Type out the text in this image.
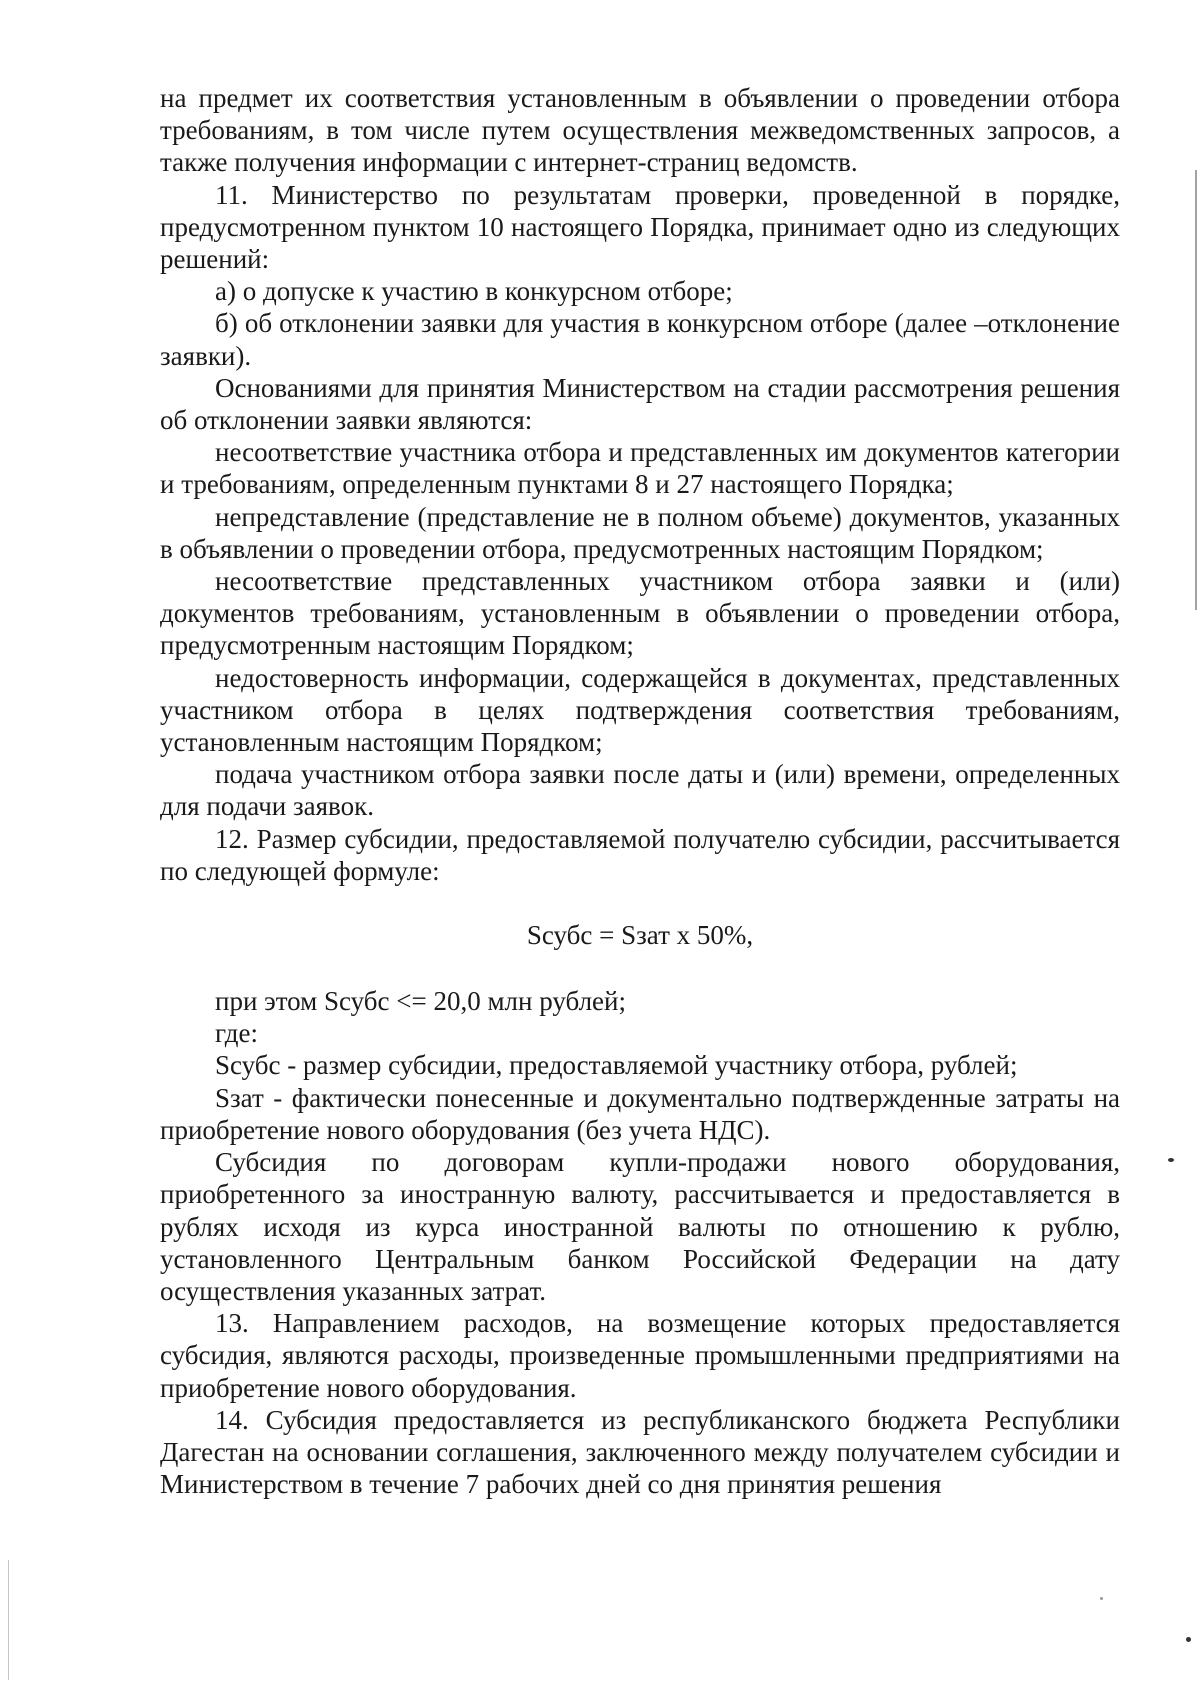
на предмет их соответствия установленным в объявлении о проведении отбора требованиям, в том числе путем осуществления межведомственных запросов, а также получения информации с интернет-страниц ведомств.

11. Министерство по результатам проверки, проведенной в порядке, предусмотренном пунктом 10 настоящего Порядка, принимает одно из следующих решений:

а) о допуске к участию в конкурсном отборе;

б) об отклонении заявки для участия в конкурсном отборе (далее –отклонение заявки).

Основаниями для принятия Министерством на стадии рассмотрения решения об отклонении заявки являются:

несоответствие участника отбора и представленных им документов категории и требованиям, определенным пунктами 8 и 27 настоящего Порядка;

непредставление (представление не в полном объеме) документов, указанных в объявлении о проведении отбора, предусмотренных настоящим Порядком;

несоответствие представленных участником отбора заявки и (или) документов требованиям, установленным в объявлении о проведении отбора, предусмотренным настоящим Порядком;

недостоверность информации, содержащейся в документах, представленных участником отбора в целях подтверждения соответствия требованиям, установленным настоящим Порядком;

подача участником отбора заявки после даты и (или) времени, определенных для подачи заявок.

12. Размер субсидии, предоставляемой получателю субсидии, рассчитывается по следующей формуле:

Sсубс = Sзат х 50%,

при этом Sсубс <= 20,0 млн рублей;

где:

Sсубс - размер субсидии, предоставляемой участнику отбора, рублей;

Sзат - фактически понесенные и документально подтвержденные затраты на приобретение нового оборудования (без учета НДС).

Субсидия по договорам купли-продажи нового оборудования, приобретенного за иностранную валюту, рассчитывается и предоставляется в рублях исходя из курса иностранной валюты по отношению к рублю, установленного Центральным банком Российской Федерации на дату осуществления указанных затрат.

13. Направлением расходов, на возмещение которых предоставляется субсидия, являются расходы, произведенные промышленными предприятиями на приобретение нового оборудования.

14. Субсидия предоставляется из республиканского бюджета Республики Дагестан на основании соглашения, заключенного между получателем субсидии и Министерством в течение 7 рабочих дней со дня принятия решения
